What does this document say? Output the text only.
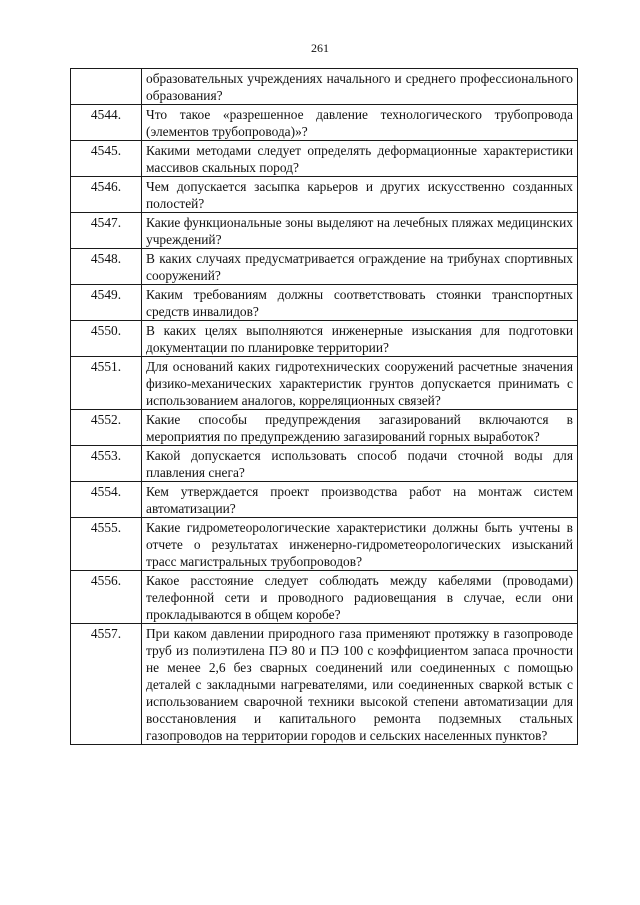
261
	образовательных учреждениях начального и среднего профессионального образования?
4544.	Что такое «разрешенное давление технологического трубопровода (элементов трубопровода)»?
4545.	Какими методами следует определять деформационные характеристики массивов скальных пород?
4546.	Чем допускается засыпка карьеров и других искусственно созданных полостей?
4547.	Какие функциональные зоны выделяют на лечебных пляжах медицинских учреждений?
4548.	В каких случаях предусматривается ограждение на трибунах спортивных сооружений?
4549.	Каким требованиям должны соответствовать стоянки транспортных средств инвалидов?
4550.	В каких целях выполняются инженерные изыскания для подготовки документации по планировке территории?
4551.	Для оснований каких гидротехнических сооружений расчетные значения физико-механических характеристик грунтов допускается принимать с использованием аналогов, корреляционных связей?
4552.	Какие способы предупреждения загазирований включаются в мероприятия по предупреждению загазирований горных выработок?
4553.	Какой допускается использовать способ подачи сточной воды для плавления снега?
4554.	Кем утверждается проект производства работ на монтаж систем автоматизации?
4555.	Какие гидрометеорологические характеристики должны быть учтены в отчете о результатах инженерно-гидрометеорологических изысканий трасс магистральных трубопроводов?
4556.	Какое расстояние следует соблюдать между кабелями (проводами) телефонной сети и проводного радиовещания в случае, если они прокладываются в общем коробе?
4557.	При каком давлении природного газа применяют протяжку в газопроводе труб из полиэтилена ПЭ 80 и ПЭ 100 с коэффициентом запаса прочности не менее 2,6 без сварных соединений или соединенных с помощью деталей с закладными нагревателями, или соединенных сваркой встык с использованием сварочной техники высокой степени автоматизации для восстановления и капитального ремонта подземных стальных газопроводов на территории городов и сельских населенных пунктов?
